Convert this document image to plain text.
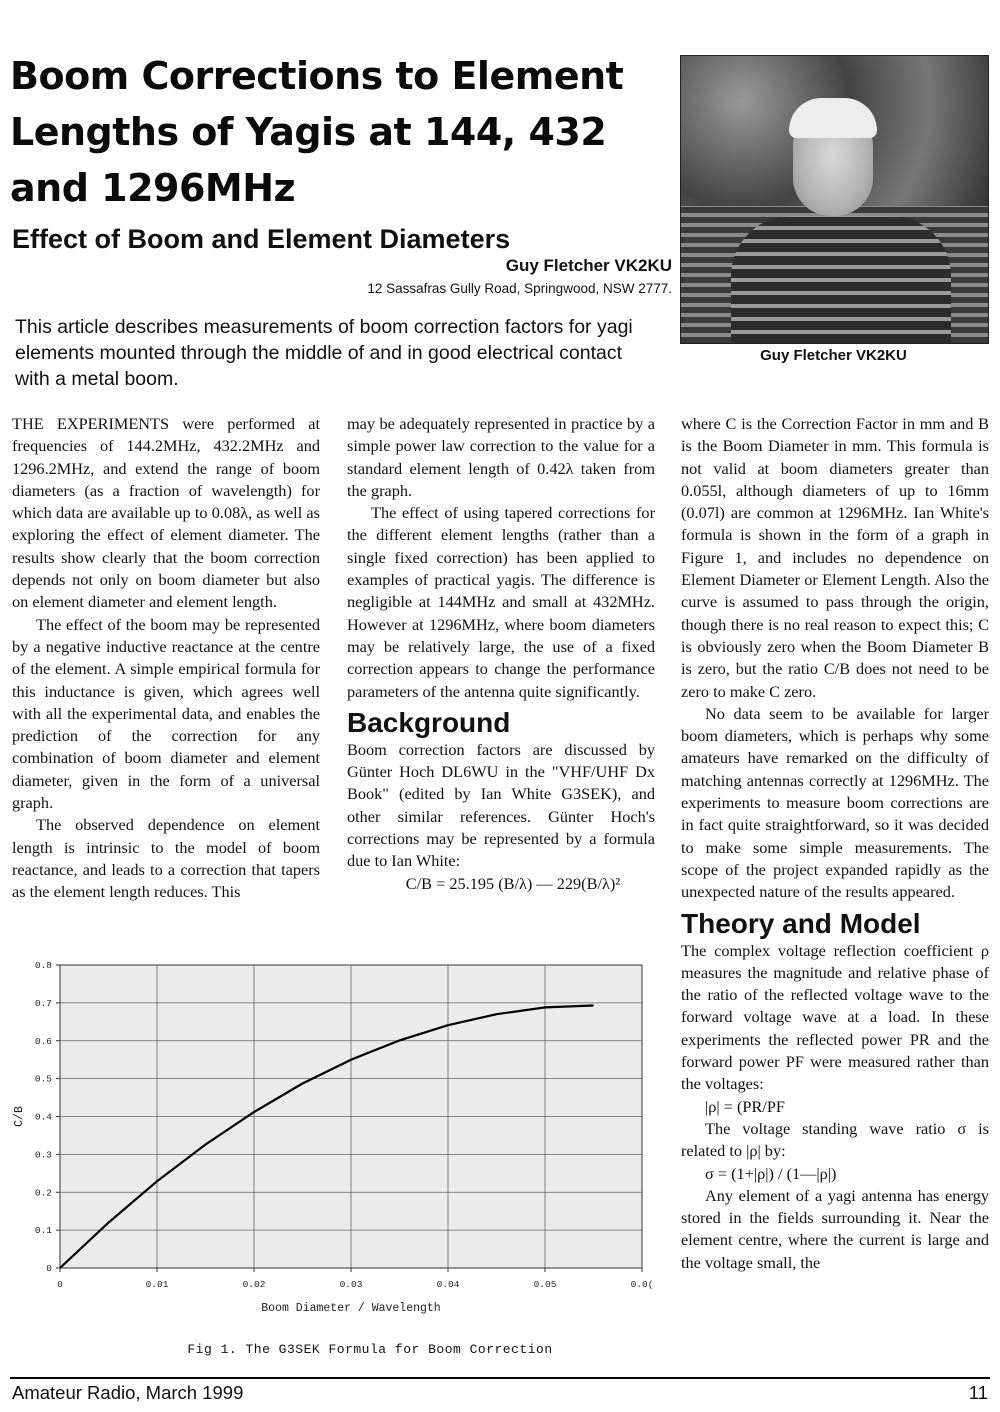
Boom Corrections to Element Lengths of Yagis at 144, 432 and 1296MHz
Effect of Boom and Element Diameters
Guy Fletcher VK2KU
12 Sassafras Gully Road, Springwood, NSW 2777.
This article describes measurements of boom correction factors for yagi elements mounted through the middle of and in good electrical contact with a metal boom.
Guy Fletcher VK2KU

THE EXPERIMENTS were performed at frequencies of 144.2MHz, 432.2MHz and 1296.2MHz, and extend the range of boom diameters (as a fraction of wavelength) for which data are available up to 0.08λ, as well as exploring the effect of element diameter. The results show clearly that the boom correction depends not only on boom diameter but also on element diameter and element length.

The effect of the boom may be represented by a negative inductive reactance at the centre of the element. A simple empirical formula for this inductance is given, which agrees well with all the experimental data, and enables the prediction of the correction for any combination of boom diameter and element diameter, given in the form of a universal graph.

The observed dependence on element length is intrinsic to the model of boom reactance, and leads to a correction that tapers as the element length reduces. This

may be adequately represented in practice by a simple power law correction to the value for a standard element length of 0.42λ taken from the graph.

The effect of using tapered corrections for the different element lengths (rather than a single fixed correction) has been applied to examples of practical yagis. The difference is negligible at 144MHz and small at 432MHz. However at 1296MHz, where boom diameters may be relatively large, the use of a fixed correction appears to change the performance parameters of the antenna quite significantly.

Background

Boom correction factors are discussed by Günter Hoch DL6WU in the "VHF/UHF Dx Book" (edited by Ian White G3SEK), and other similar references. Günter Hoch's corrections may be represented by a formula due to Ian White:

C/B = 25.195 (B/λ) — 229(B/λ)²

where C is the Correction Factor in mm and B is the Boom Diameter in mm. This formula is not valid at boom diameters greater than 0.055l, although diameters of up to 16mm (0.07l) are common at 1296MHz. Ian White's formula is shown in the form of a graph in Figure 1, and includes no dependence on Element Diameter or Element Length. Also the curve is assumed to pass through the origin, though there is no real reason to expect this; C is obviously zero when the Boom Diameter B is zero, but the ratio C/B does not need to be zero to make C zero.

No data seem to be available for larger boom diameters, which is perhaps why some amateurs have remarked on the difficulty of matching antennas correctly at 1296MHz. The experiments to measure boom corrections are in fact quite straightforward, so it was decided to make some simple measurements. The scope of the project expanded rapidly as the unexpected nature of the results appeared.

Theory and Model

The complex voltage reflection coefficient ρ measures the magnitude and relative phase of the ratio of the reflected voltage wave to the forward voltage wave at a load. In these experiments the reflected power PR and the forward power PF were measured rather than the voltages:

|ρ| = (PR/PF

The voltage standing wave ratio σ is related to |ρ| by:

σ = (1+|ρ|) / (1—|ρ|)

Any element of a yagi antenna has energy stored in the fields surrounding it. Near the element centre, where the current is large and the voltage small, the

0	0.01	0.02	0.03	0.04	0.05	0.0(
0
0.1
0.2
0.3
0.4
0.5
0.6
0.7
0.8
Boom Diameter / Wavelength
C/B
Fig 1. The G3SEK Formula for Boom Correction
Amateur Radio, March 1999	11
